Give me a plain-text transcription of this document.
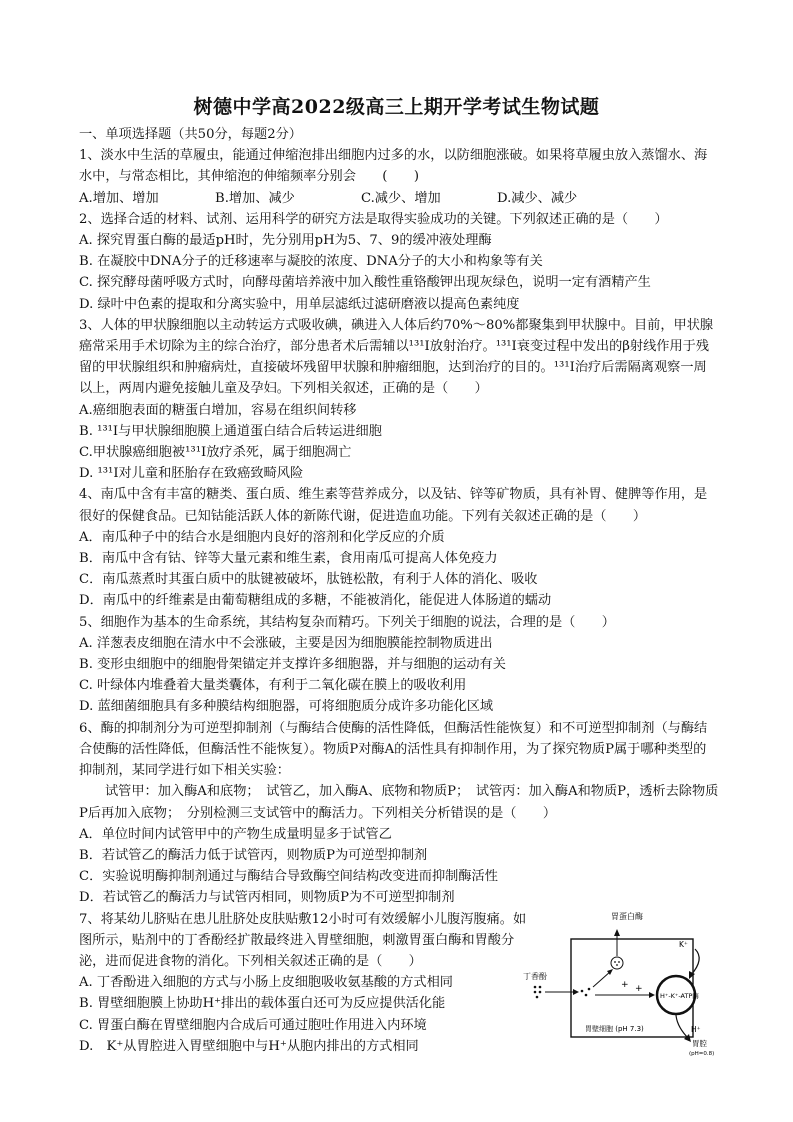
树德中学高2022级高三上期开学考试生物试题

一、单项选择题（共50分，每题2分）

1、淡水中生活的草履虫，能通过伸缩泡排出细胞内过多的水，以防细胞涨破。如果将草履虫放入蒸馏水、海水中，与常态相比，其伸缩泡的伸缩频率分别会　　(　　)

A.增加、增加	B.增加、减少	C.减少、增加	D.减少、减少

2、选择合适的材料、试剂、运用科学的研究方法是取得实验成功的关键。下列叙述正确的是（　　）

A. 探究胃蛋白酶的最适pH时，先分别用pH为5、7、9的缓冲液处理酶

B. 在凝胶中DNA分子的迁移速率与凝胶的浓度、DNA分子的大小和构象等有关

C. 探究酵母菌呼吸方式时，向酵母菌培养液中加入酸性重铬酸钾出现灰绿色，说明一定有酒精产生

D. 绿叶中色素的提取和分离实验中，用单层滤纸过滤研磨液以提高色素纯度

3、人体的甲状腺细胞以主动转运方式吸收碘，碘进入人体后约70%～80%都聚集到甲状腺中。目前，甲状腺癌常采用手术切除为主的综合治疗，部分患者术后需辅以¹³¹I放射治疗。¹³¹I衰变过程中发出的β射线作用于残留的甲状腺组织和肿瘤病灶，直接破坏残留甲状腺和肿瘤细胞，达到治疗的目的。¹³¹I治疗后需隔离观察一周以上，两周内避免接触儿童及孕妇。下列相关叙述，正确的是（　　）

A.癌细胞表面的糖蛋白增加，容易在组织间转移

B. ¹³¹I与甲状腺细胞膜上通道蛋白结合后转运进细胞

C.甲状腺癌细胞被¹³¹I放疗杀死，属于细胞凋亡

D. ¹³¹I对儿童和胚胎存在致癌致畸风险

4、南瓜中含有丰富的糖类、蛋白质、维生素等营养成分，以及钴、锌等矿物质，具有补胃、健脾等作用，是很好的保健食品。已知钴能活跃人体的新陈代谢，促进造血功能。下列有关叙述正确的是（　　）

A．南瓜种子中的结合水是细胞内良好的溶剂和化学反应的介质

B．南瓜中含有钴、锌等大量元素和维生素，食用南瓜可提高人体免疫力

C．南瓜蒸煮时其蛋白质中的肽键被破坏，肽链松散，有利于人体的消化、吸收

D．南瓜中的纤维素是由葡萄糖组成的多糖，不能被消化，能促进人体肠道的蠕动

5、细胞作为基本的生命系统，其结构复杂而精巧。下列关于细胞的说法，合理的是（　　）

A. 洋葱表皮细胞在清水中不会涨破，主要是因为细胞膜能控制物质进出

B. 变形虫细胞中的细胞骨架锚定并支撑许多细胞器，并与细胞的运动有关

C. 叶绿体内堆叠着大量类囊体，有利于二氧化碳在膜上的吸收利用

D. 蓝细菌细胞具有多种膜结构细胞器，可将细胞质分成许多功能化区域

6、酶的抑制剂分为可逆型抑制剂（与酶结合使酶的活性降低，但酶活性能恢复）和不可逆型抑制剂（与酶结合使酶的活性降低，但酶活性不能恢复）。物质P对酶A的活性具有抑制作用，为了探究物质P属于哪种类型的抑制剂，某同学进行如下相关实验：

试管甲：加入酶A和底物；　试管乙，加入酶A、底物和物质P；　试管丙：加入酶A和物质P，透析去除物质P后再加入底物；　分别检测三支试管中的酶活力。下列相关分析错误的是（　　）

A．单位时间内试管甲中的产物生成量明显多于试管乙

B．若试管乙的酶活力低于试管丙，则物质P为可逆型抑制剂

C．实验说明酶抑制剂通过与酶结合导致酶空间结构改变进而抑制酶活性

D．若试管乙的酶活力与试管丙相同，则物质P为不可逆型抑制剂

7、将某幼儿脐贴在患儿肚脐处皮肤贴敷12小时可有效缓解小儿腹泻腹痛。如图所示，贴剂中的丁香酚经扩散最终进入胃壁细胞，刺激胃蛋白酶和胃酸分泌，进而促进食物的消化。下列相关叙述正确的是（　　）

A. 丁香酚进入细胞的方式与小肠上皮细胞吸收氨基酸的方式相同

B. 胃壁细胞膜上协助H⁺排出的载体蛋白还可为反应提供活化能

C. 胃蛋白酶在胃壁细胞内合成后可通过胞吐作用进入内环境

D.　K⁺从胃腔进入胃壁细胞中与H⁺从胞内排出的方式相同

胃蛋白酶
+
丁香酚
+
H⁺-K⁺-ATP酶
K⁺
H⁺
胃壁细胞 (pH 7.3)
胃腔
(pH=0.8)
